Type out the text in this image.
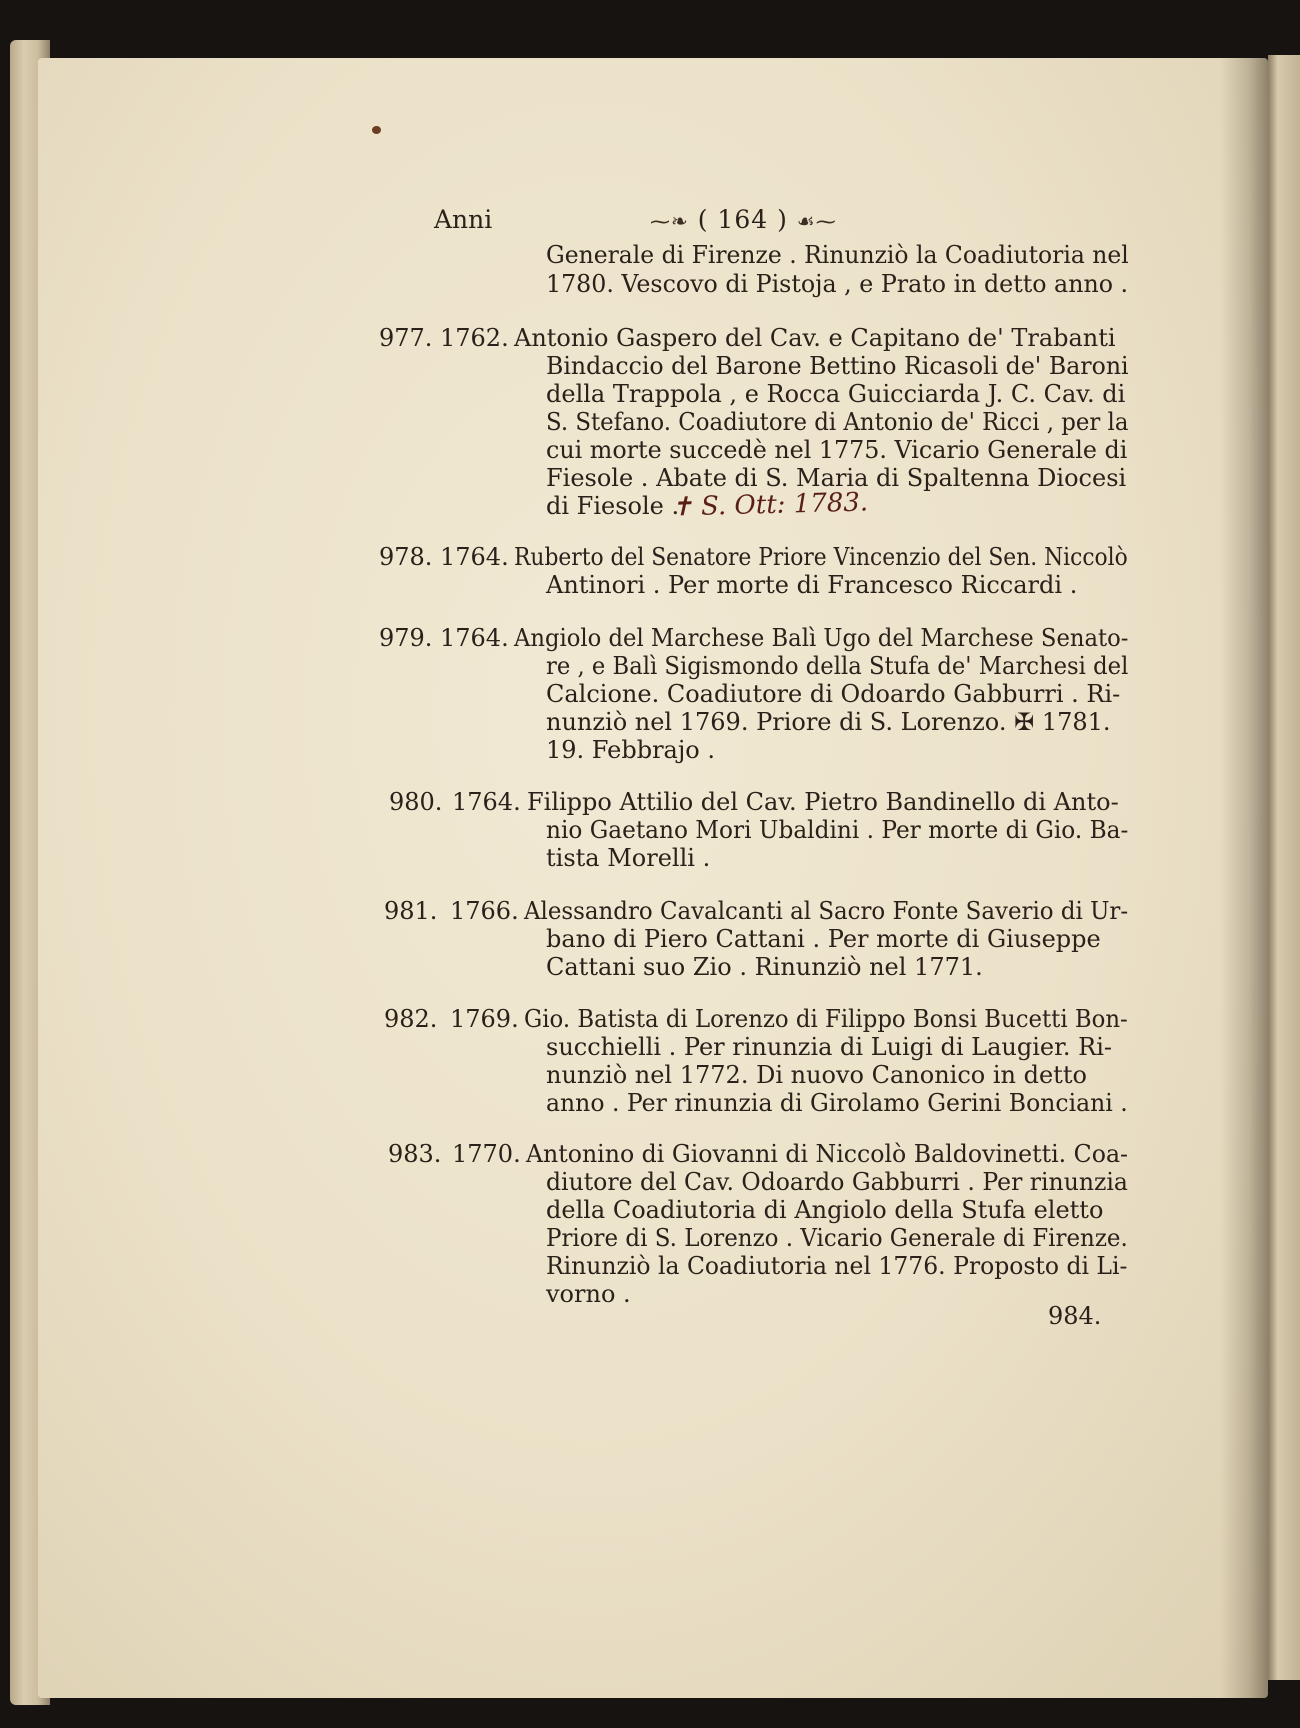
Anni	⁓❧ ( 164 ) ☙⁓
Generale di Firenze . Rinunziò la Coadiutoria nel
1780. Vescovo di Pistoja , e Prato in detto anno .
977. 1762. Antonio Gaspero del Cav. e Capitano de' Trabanti
Bindaccio del Barone Bettino Ricasoli de' Baroni
della Trappola , e Rocca Guicciarda J. C. Cav. di
S. Stefano. Coadiutore di Antonio de' Ricci , per la
cui morte succedè nel 1775. Vicario Generale di
Fiesole . Abate di S. Maria di Spaltenna Diocesi
di Fiesole .
✝ S. Ott: 1783.
978. 1764. Ruberto del Senatore Priore Vincenzio del Sen. Niccolò
Antinori . Per morte di Francesco Riccardi .
979. 1764. Angiolo del Marchese Balì Ugo del Marchese Senato-
re , e Balì Sigismondo della Stufa de' Marchesi del
Calcione. Coadiutore di Odoardo Gabburri . Ri-
nunziò nel 1769. Priore di S. Lorenzo. ✠ 1781.
19. Febbrajo .
980. 1764. Filippo Attilio del Cav. Pietro Bandinello di Anto-
nio Gaetano Mori Ubaldini . Per morte di Gio. Ba-
tista Morelli .
981. 1766. Alessandro Cavalcanti al Sacro Fonte Saverio di Ur-
bano di Piero Cattani . Per morte di Giuseppe
Cattani suo Zio . Rinunziò nel 1771.
982. 1769. Gio. Batista di Lorenzo di Filippo Bonsi Bucetti Bon-
succhielli . Per rinunzia di Luigi di Laugier. Ri-
nunziò nel 1772. Di nuovo Canonico in detto
anno . Per rinunzia di Girolamo Gerini Bonciani .
983. 1770. Antonino di Giovanni di Niccolò Baldovinetti. Coa-
diutore del Cav. Odoardo Gabburri . Per rinunzia
della Coadiutoria di Angiolo della Stufa eletto
Priore di S. Lorenzo . Vicario Generale di Firenze.
Rinunziò la Coadiutoria nel 1776. Proposto di Li-
vorno .
984.
